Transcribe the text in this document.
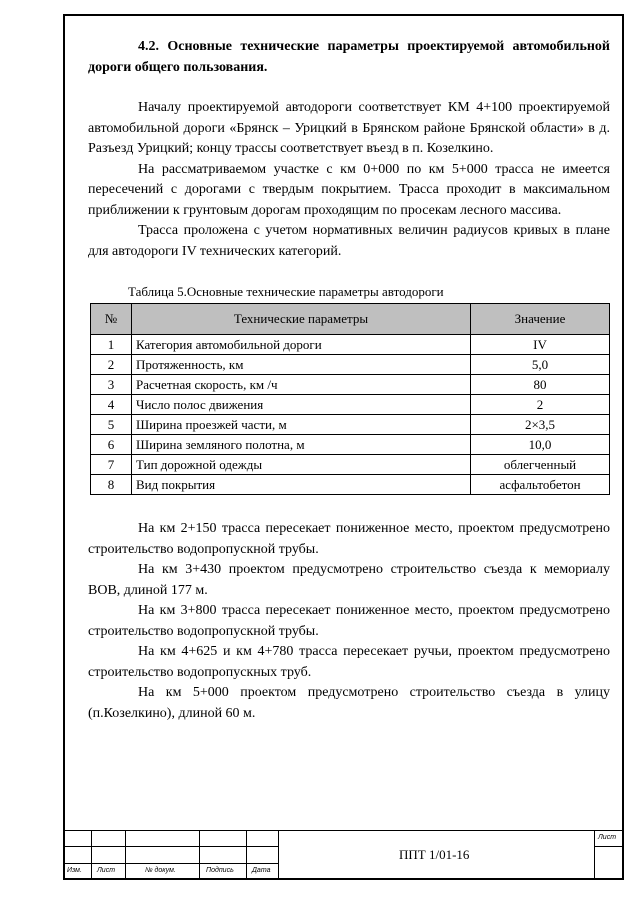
4.2. Основные технические параметры проектируемой автомобильной дороги общего пользования.

Началу проектируемой автодороги соответствует КМ 4+100 проектируемой автомобильной дороги «Брянск – Урицкий в Брянском районе Брянской области» в д. Разъезд Урицкий; концу трассы соответствует въезд в п. Козелкино.

На рассматриваемом участке с км 0+000 по км 5+000 трасса не имеется пересечений с дорогами с твердым покрытием. Трасса проходит в максимальном приближении к грунтовым дорогам проходящим по просекам лесного массива.

Трасса проложена с учетом нормативных величин радиусов кривых в плане для автодороги IV технических категорий.

Таблица 5.Основные технические параметры автодороги
№	Технические параметры	Значение
1	Категория автомобильной дороги	IV
2	Протяженность, км	5,0
3	Расчетная скорость, км /ч	80
4	Число полос движения	2
5	Ширина проезжей части, м	2×3,5
6	Ширина земляного полотна, м	10,0
7	Тип дорожной одежды	облегченный
8	Вид покрытия	асфальтобетон

На км 2+150 трасса пересекает пониженное место, проектом предусмотрено строительство водопропускной трубы.

На км 3+430 проектом предусмотрено строительство съезда к мемориалу ВОВ, длиной 177 м.

На км 3+800 трасса пересекает пониженное место, проектом предусмотрено строительство водопропускной трубы.

На км 4+625 и км 4+780 трасса пересекает ручьи, проектом предусмотрено строительство водопропускных труб.

На км 5+000 проектом предусмотрено строительство съезда в улицу (п.Козелкино), длиной 60 м.

Изм. Лист	№ докум.	Подпись	Дата
Лист
ППТ 1/01-16
